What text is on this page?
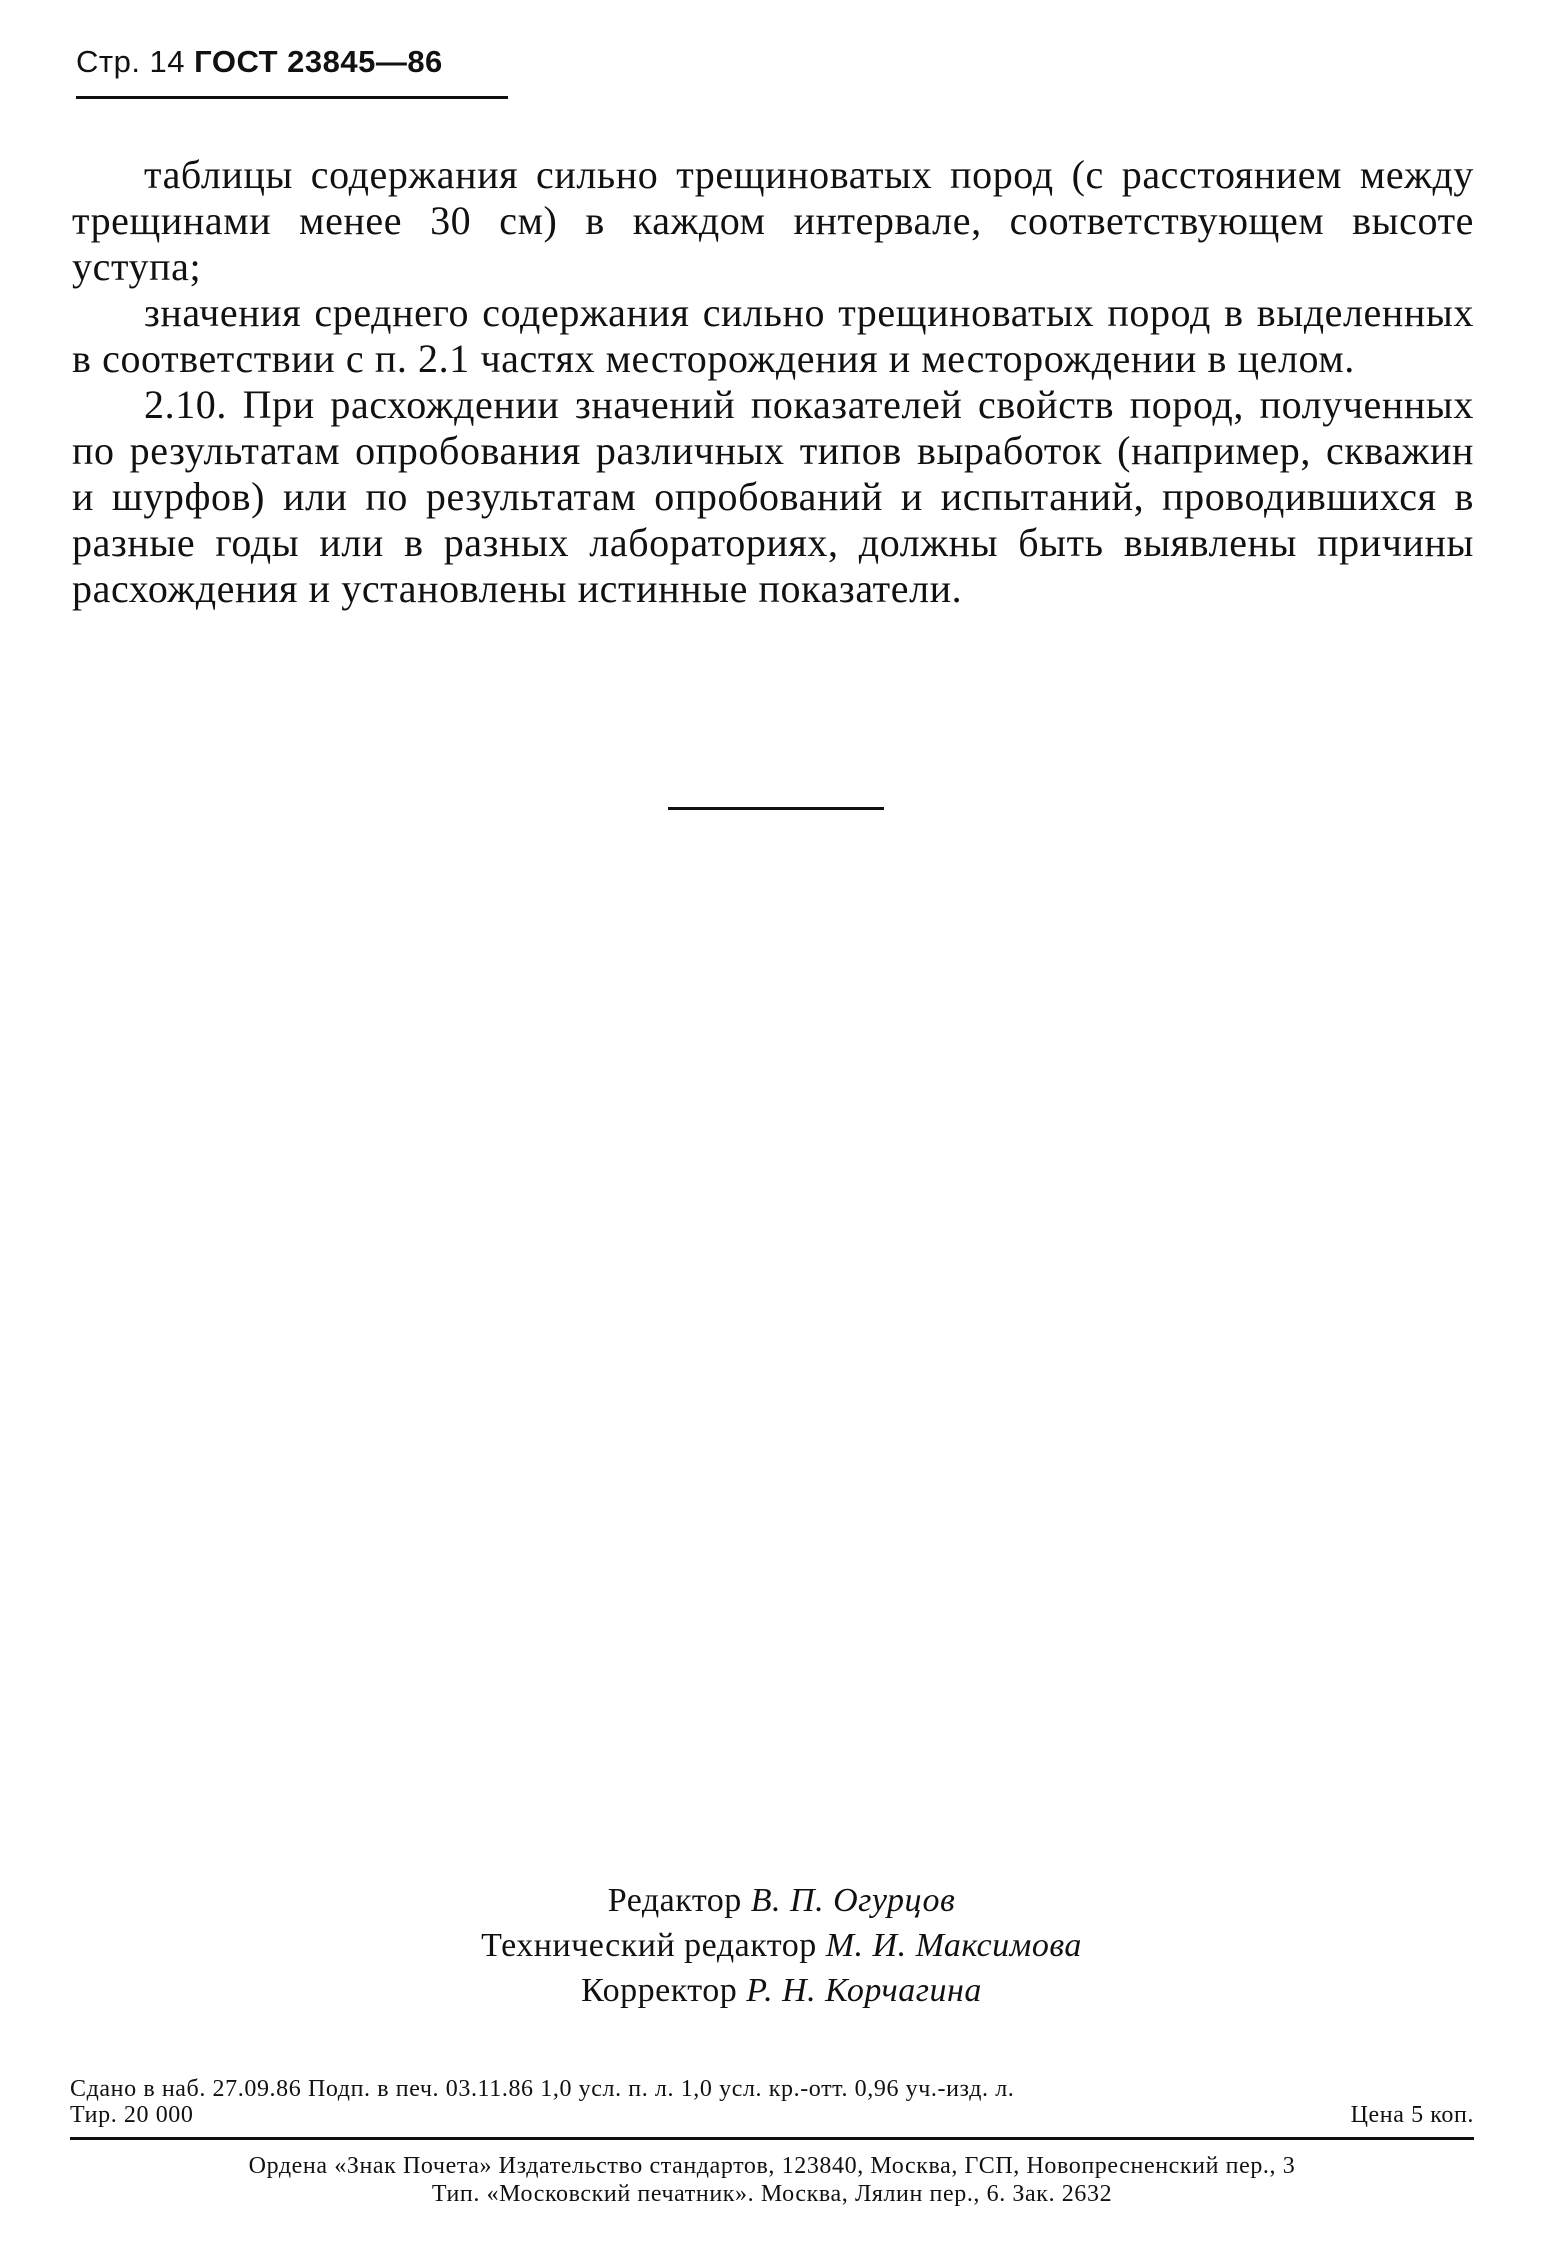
Стр. 14 ГОСТ 23845—86

таблицы содержания сильно трещиноватых пород (с расстоянием между трещинами менее 30 см) в каждом интервале, соответствующем высоте уступа;

значения среднего содержания сильно трещиноватых пород в выделенных в соответствии с п. 2.1 частях месторождения и месторождении в целом.

2.10. При расхождении значений показателей свойств пород, полученных по результатам опробования различных типов выработок (например, скважин и шурфов) или по результатам опробований и испытаний, проводившихся в разные годы или в разных лабораториях, должны быть выявлены причины расхождения и установлены истинные показатели.

Редактор В. П. Огурцов
Технический редактор М. И. Максимова
Корректор Р. Н. Корчагина
Сдано в наб. 27.09.86 Подп. в печ. 03.11.86 1,0 усл. п. л. 1,0 усл. кр.-отт. 0,96 уч.-изд. л.
Тир. 20 000	Цена 5 коп.
Ордена «Знак Почета» Издательство стандартов, 123840, Москва, ГСП, Новопресненский пер., 3
Тип. «Московский печатник». Москва, Лялин пер., 6. Зак. 2632
